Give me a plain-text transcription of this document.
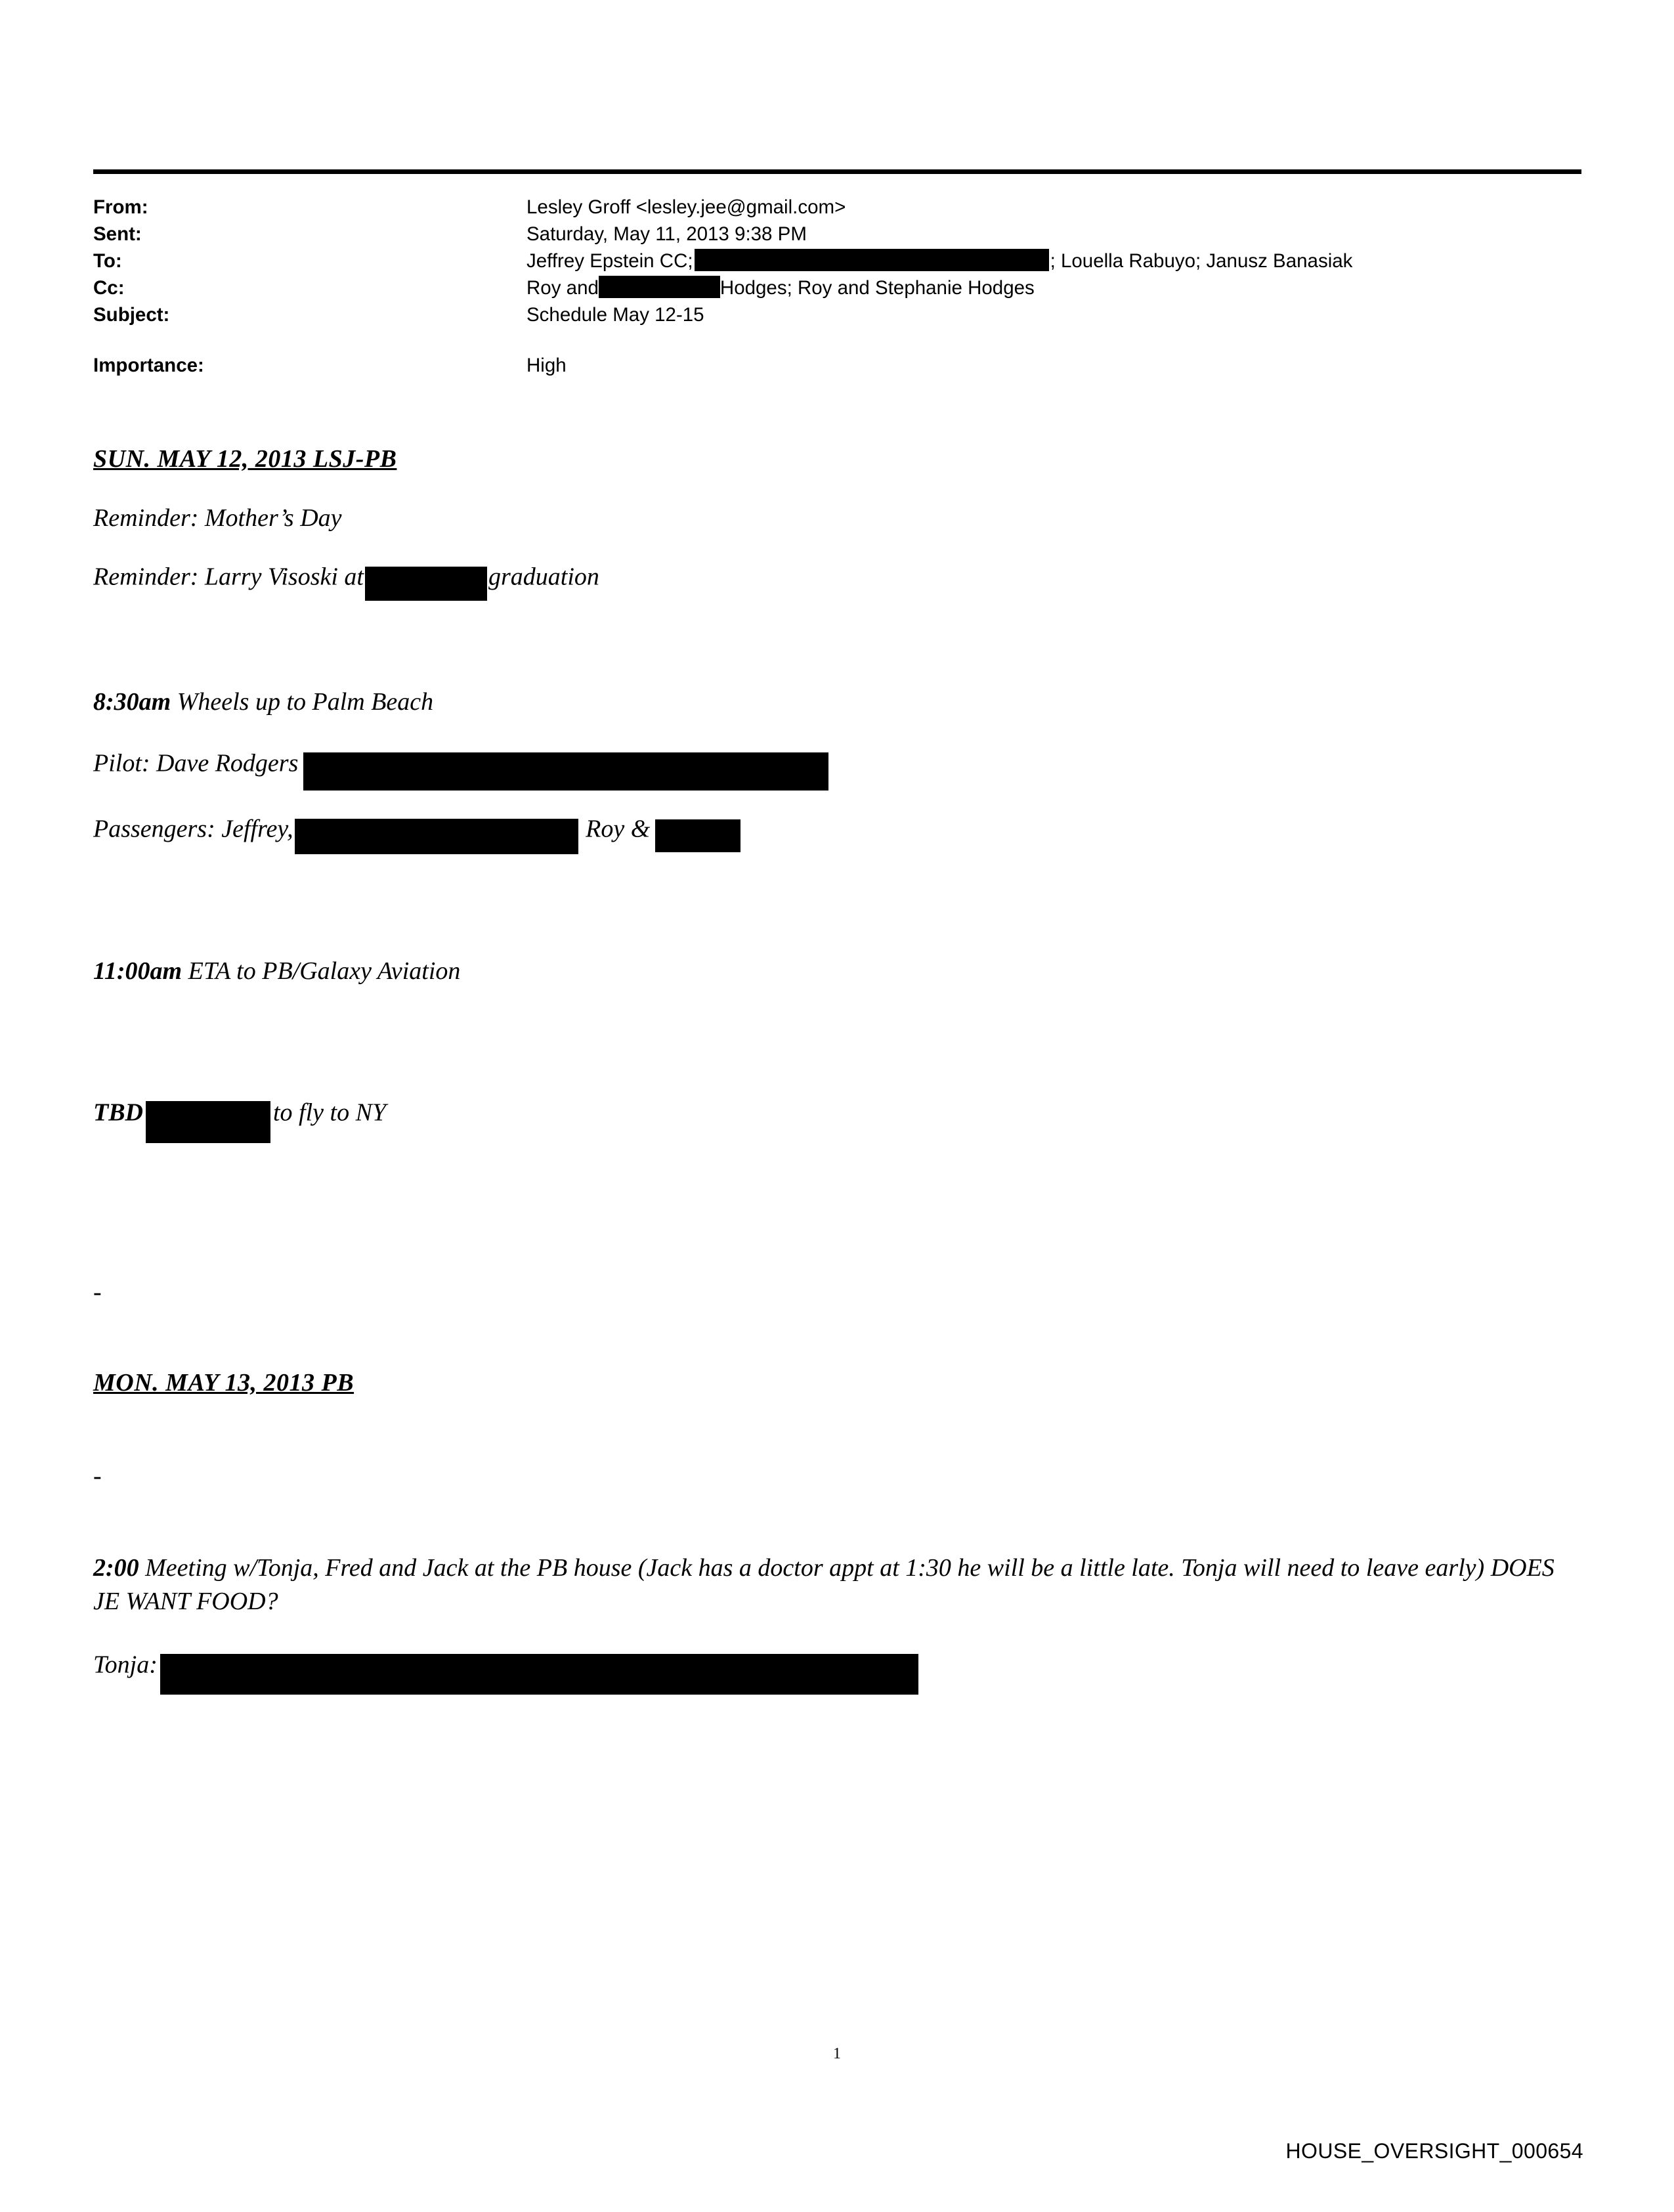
From:	Lesley Groff <lesley.jee@gmail.com>
Sent:	Saturday, May 11, 2013 9:38 PM
To:	Jeffrey Epstein CC; ; Louella Rabuyo; Janusz Banasiak
Cc:	Roy and Hodges; Roy and Stephanie Hodges
Subject:	Schedule May 12-15

Importance:	High
SUN. MAY 12, 2013 LSJ-PB
Reminder: Mother’s Day
Reminder: Larry Visoski at	graduation
8:30am Wheels up to Palm Beach
Pilot: Dave Rodgers
Passengers: Jeffrey,	Roy &
11:00am ETA to PB/Galaxy Aviation
TBD	to fly to NY
-
MON. MAY 13, 2013 PB
-
2:00 Meeting w/Tonja, Fred and Jack at the PB house (Jack has a doctor appt at 1:30 he will be a little late. Tonja will need to leave early) DOES JE WANT FOOD?
Tonja:
1
HOUSE_OVERSIGHT_000654
